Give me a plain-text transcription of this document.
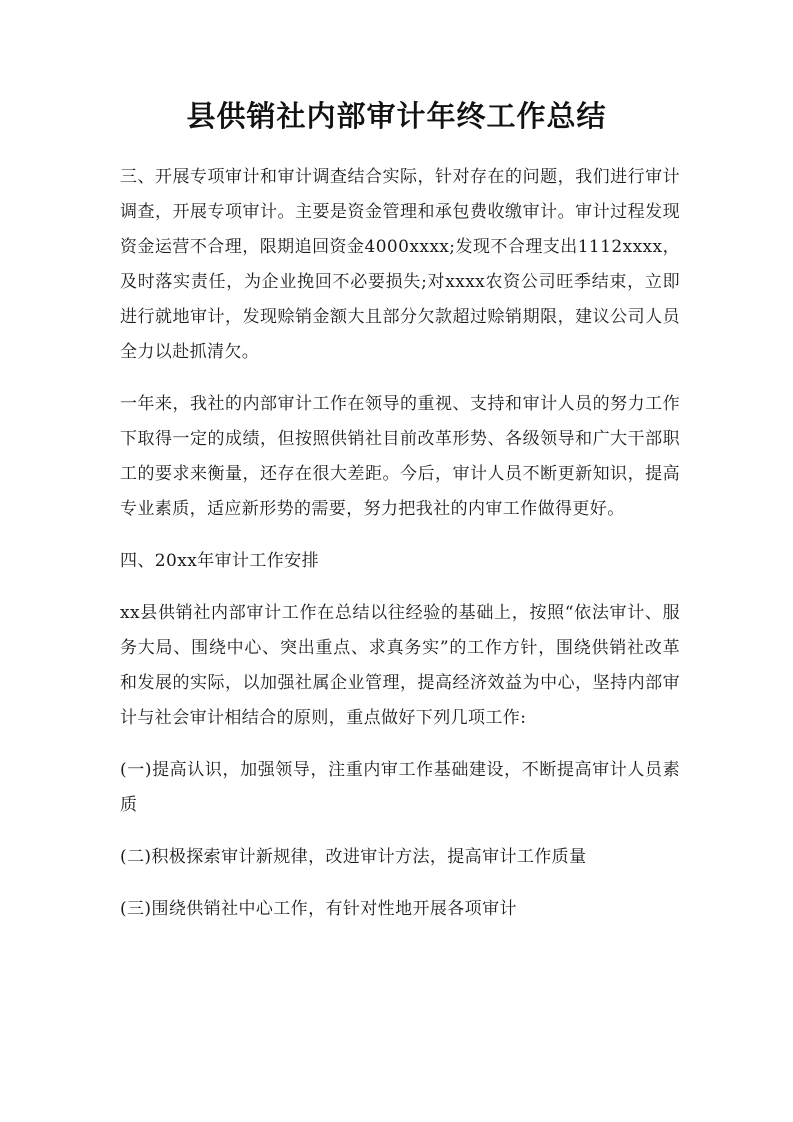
县供销社内部审计年终工作总结

三、开展专项审计和审计调查结合实际，针对存在的问题，我们进行审计调查，开展专项审计。主要是资金管理和承包费收缴审计。审计过程发现资金运营不合理，限期追回资金4000xxxx;发现不合理支出1112xxxx，及时落实责任，为企业挽回不必要损失;对xxxx农资公司旺季结束，立即进行就地审计，发现赊销金额大且部分欠款超过赊销期限，建议公司人员全力以赴抓清欠。

一年来，我社的内部审计工作在领导的重视、支持和审计人员的努力工作下取得一定的成绩，但按照供销社目前改革形势、各级领导和广大干部职工的要求来衡量，还存在很大差距。今后，审计人员不断更新知识，提高专业素质，适应新形势的需要，努力把我社的内审工作做得更好。

四、20xx年审计工作安排

xx县供销社内部审计工作在总结以往经验的基础上，按照“依法审计、服务大局、围绕中心、突出重点、求真务实”的工作方针，围绕供销社改革和发展的实际，以加强社属企业管理，提高经济效益为中心，坚持内部审计与社会审计相结合的原则，重点做好下列几项工作:

(一)提高认识，加强领导，注重内审工作基础建设，不断提高审计人员素质

(二)积极探索审计新规律，改进审计方法，提高审计工作质量

(三)围绕供销社中心工作，有针对性地开展各项审计
